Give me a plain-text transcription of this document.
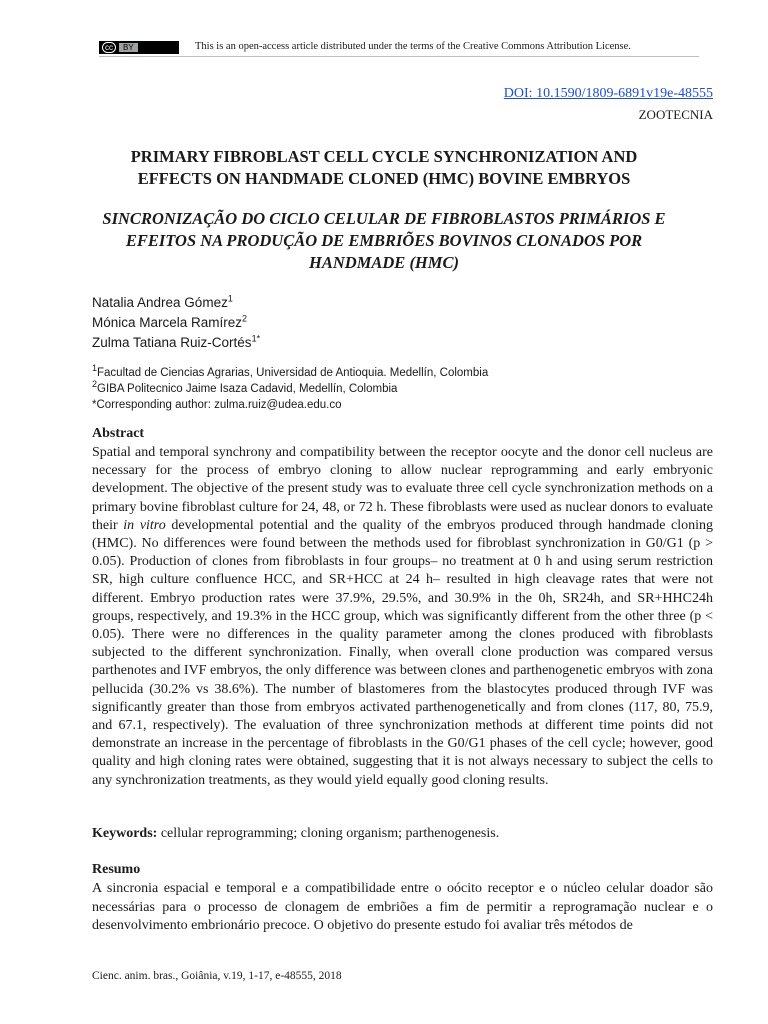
cc BY	This is an open-access article distributed under the terms of the Creative Commons Attribution License.
DOI: 10.1590/1809-6891v19e-48555
ZOOTECNIA
PRIMARY FIBROBLAST CELL CYCLE SYNCHRONIZATION AND EFFECTS ON HANDMADE CLONED (HMC) BOVINE EMBRYOS
SINCRONIZAÇÃO DO CICLO CELULAR DE FIBROBLASTOS PRIMÁRIOS E EFEITOS NA PRODUÇÃO DE EMBRIÕES BOVINOS CLONADOS POR HANDMADE (HMC)
Natalia Andrea Gómez$^1$
Mónica Marcela Ramírez$^2$
Zulma Tatiana Ruiz-Cortés$^{1*}$
$^1$Facultad de Ciencias Agrarias, Universidad de Antioquia. Medellín, Colombia
$^2$GIBA Politecnico Jaime Isaza Cadavid, Medellín, Colombia
*Corresponding author: zulma.ruiz@udea.edu.co
Abstract
Spatial and temporal synchrony and compatibility between the receptor oocyte and the donor cell nucleus are necessary for the process of embryo cloning to allow nuclear reprogramming and early embryonic development. The objective of the present study was to evaluate three cell cycle synchronization methods on a primary bovine fibroblast culture for 24, 48, or 72 h. These fibroblasts were used as nuclear donors to evaluate their in vitro developmental potential and the quality of the embryos produced through handmade cloning (HMC). No differences were found between the methods used for fibroblast synchronization in G0/G1 (p > 0.05). Production of clones from fibroblasts in four groups– no treatment at 0 h and using serum restriction SR, high culture confluence HCC, and SR+HCC at 24 h– resulted in high cleavage rates that were not different. Embryo production rates were 37.9%, 29.5%, and 30.9% in the 0h, SR24h, and SR+HHC24h groups, respectively, and 19.3% in the HCC group, which was significantly different from the other three (p < 0.05). There were no differences in the quality parameter among the clones produced with fibroblasts subjected to the different synchronization. Finally, when overall clone production was compared versus parthenotes and IVF embryos, the only difference was between clones and parthenogenetic embryos with zona pellucida (30.2% vs 38.6%). The number of blastomeres from the blastocytes produced through IVF was significantly greater than those from embryos activated parthenogenetically and from clones (117, 80, 75.9, and 67.1, respectively). The evaluation of three synchronization methods at different time points did not demonstrate an increase in the percentage of fibroblasts in the G0/G1 phases of the cell cycle; however, good quality and high cloning rates were obtained, suggesting that it is not always necessary to subject the cells to any synchronization treatments, as they would yield equally good cloning results.
Keywords: cellular reprogramming; cloning organism; parthenogenesis.
Resumo
A sincronia espacial e temporal e a compatibilidade entre o oócito receptor e o núcleo celular doador são necessárias para o processo de clonagem de embriões a fim de permitir a reprogramação nuclear e o desenvolvimento embrionário precoce. O objetivo do presente estudo foi avaliar três métodos de
Cienc. anim. bras., Goiânia, v.19, 1-17, e-48555, 2018
